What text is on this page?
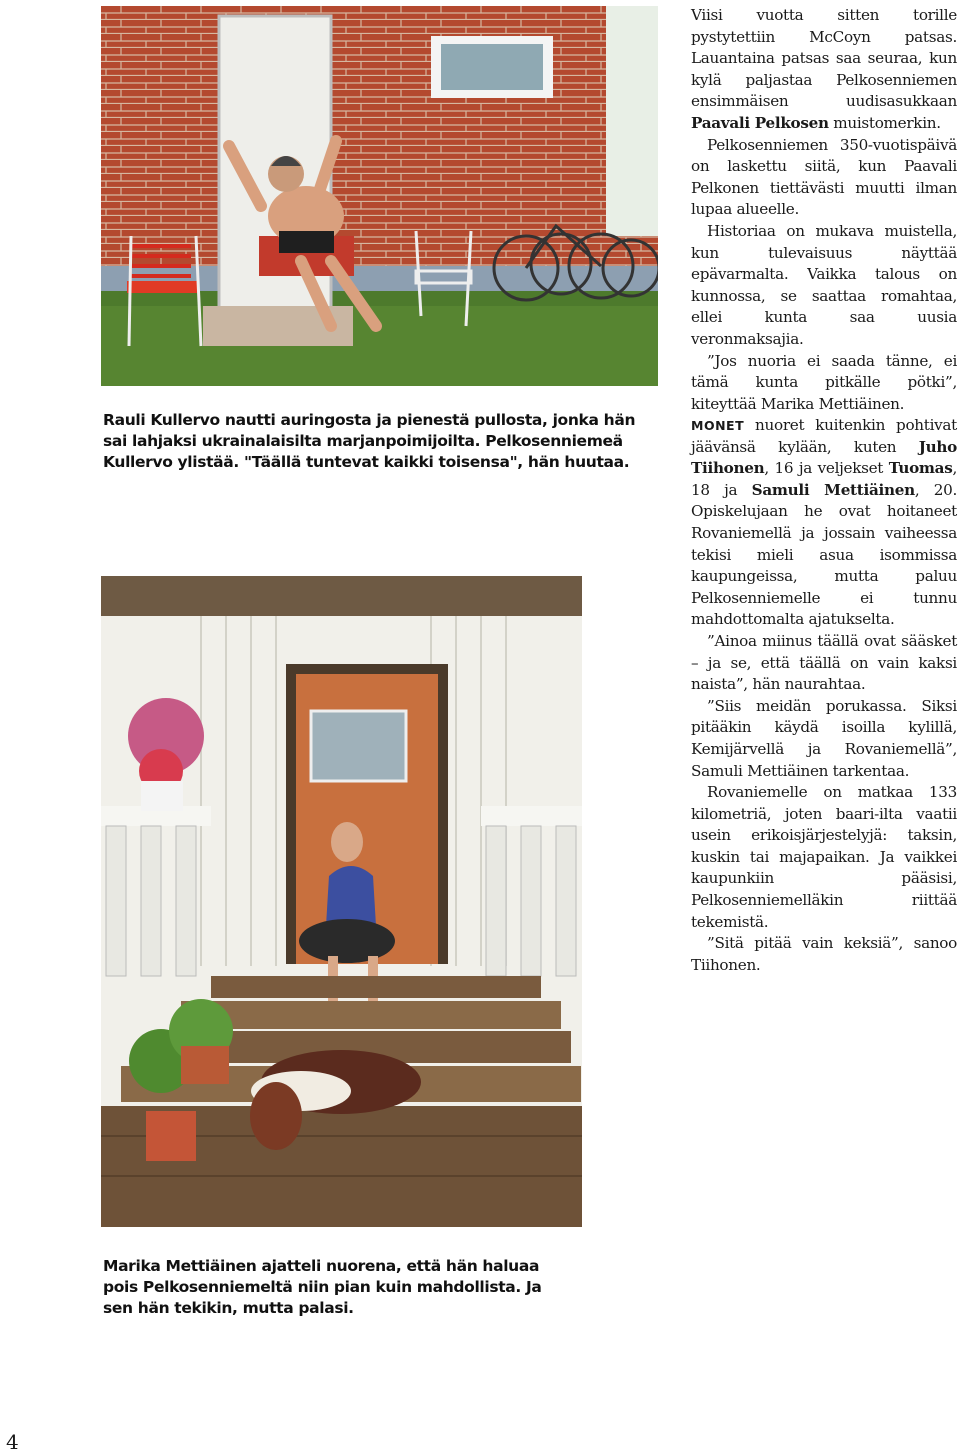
Rauli Kullervo nautti auringosta ja pienestä pullosta, jonka hän sai lahjaksi ukrainalaisilta marjanpoimijoilta. Pelkosenniemeä Kullervo ylistää. "Täällä tuntevat kaikki toisensa", hän huutaa.

Viisi vuotta sitten torille pystytettiin McCoyn patsas. Lauantaina patsas saa seuraa, kun kylä paljastaa Pelkosenniemen ensimmäisen uudisasukkaan Paavali Pelkosen muistomerkin.

Pelkosenniemen 350-vuotispäivä on laskettu siitä, kun Paavali Pelkonen tiettävästi muutti ilman lupaa alueelle.

Historiaa on mukava muistella, kun tulevaisuus näyttää epävarmalta. Vaikka talous on kunnossa, se saattaa romahtaa, ellei kunta saa uusia veronmaksajia.

”Jos nuoria ei saada tänne, ei tämä kunta pitkälle pötki”, kiteyttää Marika Mettiäinen.

MONET nuoret kuitenkin pohtivat jäävänsä kylään, kuten Juho Tiihonen, 16 ja veljekset Tuomas, 18 ja Samuli Mettiäinen, 20. Opiskelujaan he ovat hoitaneet Rovaniemellä ja jossain vaiheessa tekisi mieli asua isommissa kaupungeissa, mutta paluu Pelkosenniemelle ei tunnu mahdottomalta ajatukselta.

”Ainoa miinus täällä ovat sääsket – ja se, että täällä on vain kaksi naista”, hän naurahtaa.

”Siis meidän porukassa. Siksi pitääkin käydä isoilla kylillä, Kemijärvellä ja Rovaniemellä”, Samuli Mettiäinen tarkentaa.

Rovaniemelle on matkaa 133 kilometriä, joten baari-ilta vaatii usein erikoisjärjestelyjä: taksin, kuskin tai majapaikan. Ja vaikkei kaupunkiin pääsisi, Pelkosenniemelläkin riittää tekemistä.

”Sitä pitää vain keksiä”, sanoo Tiihonen.

Marika Mettiäinen ajatteli nuorena, että hän haluaa pois Pelkosenniemeltä niin pian kuin mahdollista. Ja sen hän tekikin, mutta palasi.
4
